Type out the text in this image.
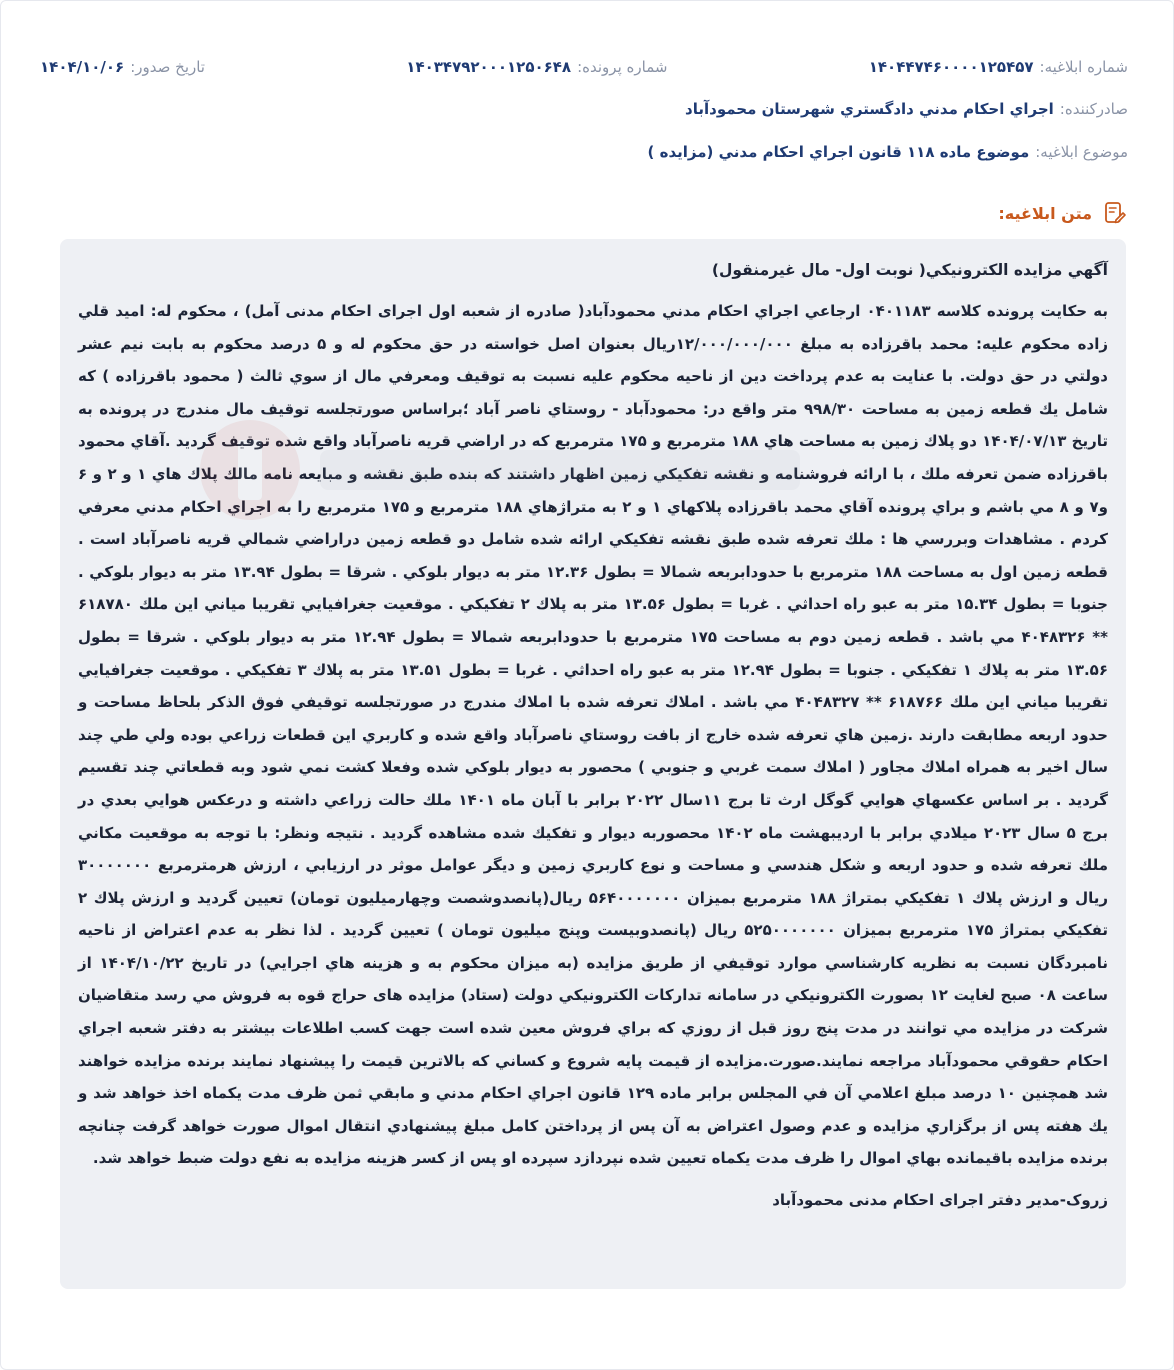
شماره ابلاغیه:
۱۴۰۴۴۷۴۶۰۰۰۰۱۲۵۴۵۷
شماره پرونده:
۱۴۰۳۴۷۹۲۰۰۰۱۲۵۰۶۴۸
تاریخ صدور:
۱۴۰۴/۱۰/۰۶
صادرکننده:
اجراي احكام مدني دادگستري شهرستان محمودآباد
موضوع ابلاغیه:
موضوع ماده ۱۱۸ قانون اجراي احكام مدني (مزايده )
متن ابلاغیه:

آگهي مزايده الكترونيكي( نوبت اول- مال غيرمنقول)

به حكايت پرونده كلاسه ۰۴۰۱۱۸۳ ارجاعي اجراي احكام مدني محمودآباد( صادره از شعبه اول اجرای احکام مدنی آمل) ، محكوم له: امید قلي زاده محكوم عليه: محمد باقرزاده به مبلغ ۱۲/۰۰۰/۰۰۰/۰۰۰ريال بعنوان اصل خواسته در حق محكوم له و ۵ درصد محكوم به بابت نيم عشر دولتي در حق دولت. با عنايت به عدم پرداخت دين از ناحيه محكوم عليه نسبت به توقيف ومعرفي مال از سوي ثالث ( محمود باقرزاده ) كه شامل يك قطعه زمين به مساحت ۹۹۸/۳۰ متر واقع در: محمودآباد - روستاي ناصر آباد ؛براساس صورتجلسه توقيف مال مندرج در پرونده به تاريخ ۱۴۰۴/۰۷/۱۳ دو پلاك زمين به مساحت هاي ۱۸۸ مترمربع و ۱۷۵ مترمربع كه در اراضي قريه ناصرآباد واقع شده توقيف گرديد .آقاي محمود باقرزاده ضمن تعرفه ملك ، با ارائه فروشنامه و نقشه تفكيكي زمين اظهار داشتند كه بنده طبق نقشه و مبايعه نامه مالك پلاك هاي ۱ و ۲ و ۶ و۷ و ۸ مي باشم و براي پرونده آقاي محمد باقرزاده پلاكهاي ۱ و ۲ به متراژهاي ۱۸۸ مترمربع و ۱۷۵ مترمربع را به اجراي احكام مدني معرفي كردم . مشاهدات وبررسي ها : ملك تعرفه شده طبق نقشه تفكيكي ارائه شده شامل دو قطعه زمين دراراضي شمالي قريه ناصرآباد است . قطعه زمين اول به مساحت ۱۸۸ مترمربع با حدودابربعه شمالا = بطول ۱۲.۳۶ متر به ديوار بلوكي . شرقا = بطول ۱۳.۹۴ متر به ديوار بلوكي . جنوبا = بطول ۱۵.۳۴ متر به عبو راه احداثي . غربا = بطول ۱۳.۵۶ متر به پلاك ۲ تفكيكي . موقعيت جغرافيايي تقريبا مياني اين ملك ۶۱۸۷۸۰ ** ۴۰۴۸۳۲۶ مي باشد . قطعه زمين دوم به مساحت ۱۷۵ مترمربع با حدودابربعه شمالا = بطول ۱۲.۹۴ متر به ديوار بلوكي . شرقا = بطول ۱۳.۵۶ متر به پلاك ۱ تفكيكي . جنوبا = بطول ۱۲.۹۴ متر به عبو راه احداثي . غربا = بطول ۱۳.۵۱ متر به پلاك ۳ تفكيكي . موقعيت جغرافيايي تقريبا مياني اين ملك ۶۱۸۷۶۶ ** ۴۰۴۸۳۲۷ مي باشد . املاك تعرفه شده با املاك مندرج در صورتجلسه توقيفي فوق الذكر بلحاظ مساحت و حدود اربعه مطابقت دارند .زمين هاي تعرفه شده خارج از بافت روستاي ناصرآباد واقع شده و كاربري اين قطعات زراعي بوده ولي طي چند سال اخير به همراه املاك مجاور ( املاك سمت غربي و جنوبي ) محصور به ديوار بلوكي شده وفعلا كشت نمي شود وبه قطعاتي چند تقسيم گرديد . بر اساس عكسهاي هوايي گوگل ارث تا برج ۱۱سال ۲۰۲۲ برابر با آبان ماه ۱۴۰۱ ملك حالت زراعي داشته و درعكس هوايي بعدي در برج ۵ سال ۲۰۲۳ ميلادي برابر با ارديبهشت ماه ۱۴۰۲ محصوربه ديوار و تفكيك شده مشاهده گرديد . نتيجه ونظر: با توجه به موقعيت مكاني ملك تعرفه شده و حدود اربعه و شكل هندسي و مساحت و نوع كاربري زمين و ديگر عوامل موثر در ارزيابي ، ارزش هرمترمربع ۳۰۰۰۰۰۰۰ ريال و ارزش پلاك ۱ تفكيكي بمتراژ ۱۸۸ مترمربع بميزان ۵۶۴۰۰۰۰۰۰۰ ريال(پانصدوشصت وچهارميليون تومان) تعيين گرديد و ارزش پلاك ۲ تفكيكي بمتراژ ۱۷۵ مترمربع بميزان ۵۲۵۰۰۰۰۰۰۰ ريال (پانصدوبيست وپنج ميليون تومان ) تعيين گرديد . لذا نظر به عدم اعتراض از ناحيه نامبردگان نسبت به نظريه كارشناسي موارد توقيفي از طريق مزايده (به ميزان محكوم به و هزينه هاي اجرايي) در تاريخ ۱۴۰۴/۱۰/۲۲ از ساعت ۰۸ صبح لغايت ۱۲ بصورت الكترونيكي در سامانه تداركات الكترونيكي دولت (ستاد) مزايده های حراج قوه به فروش مي رسد متقاضيان شركت در مزايده مي توانند در مدت پنج روز قبل از روزي كه براي فروش معين شده است جهت كسب اطلاعات بيشتر به دفتر شعبه اجراي احكام حقوقي محمودآباد مراجعه نمايند.صورت.مزايده از قيمت پايه شروع و كساني كه بالاترين قيمت را پيشنهاد نمايند برنده مزايده خواهند شد همچنين ۱۰ درصد مبلغ اعلامي آن في المجلس برابر ماده ۱۲۹ قانون اجراي احكام مدني و مابقي ثمن ظرف مدت يكماه اخذ خواهد شد و يك هفته پس از برگزاري مزايده و عدم وصول اعتراض به آن پس از پرداختن كامل مبلغ پيشنهادي انتقال اموال صورت خواهد گرفت چنانچه برنده مزايده باقيمانده بهاي اموال را ظرف مدت يكماه تعيين شده نپردازد سپرده او پس از كسر هزينه مزايده به نفع دولت ضبط خواهد شد.

زروک-مدير دفتر اجرای احکام مدنی محمودآباد
